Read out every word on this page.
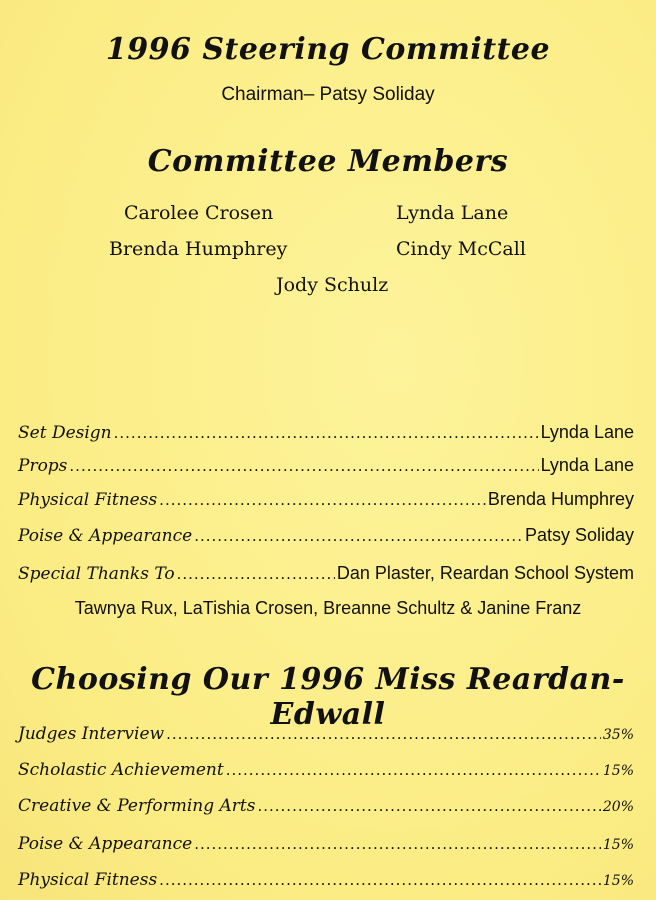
1996 Steering Committee
Chairman– Patsy Soliday
Committee Members
Carolee Crosen	Lynda Lane
Brenda Humphrey	Cindy McCall
Jody Schulz
Set Design .....	Lynda Lane
Props .....	Lynda Lane
Physical Fitness .....	Brenda Humphrey
Poise & Appearance .....	Patsy Soliday
Special Thanks To .....	Dan Plaster, Reardan School System
Tawnya Rux, LaTishia Crosen, Breanne Schultz & Janine Franz
Choosing Our 1996 Miss Reardan-Edwall
Judges Interview .....	35%
Scholastic Achievement .....	15%
Creative & Performing Arts .....	20%
Poise & Appearance .....	15%
Physical Fitness .....	15%
